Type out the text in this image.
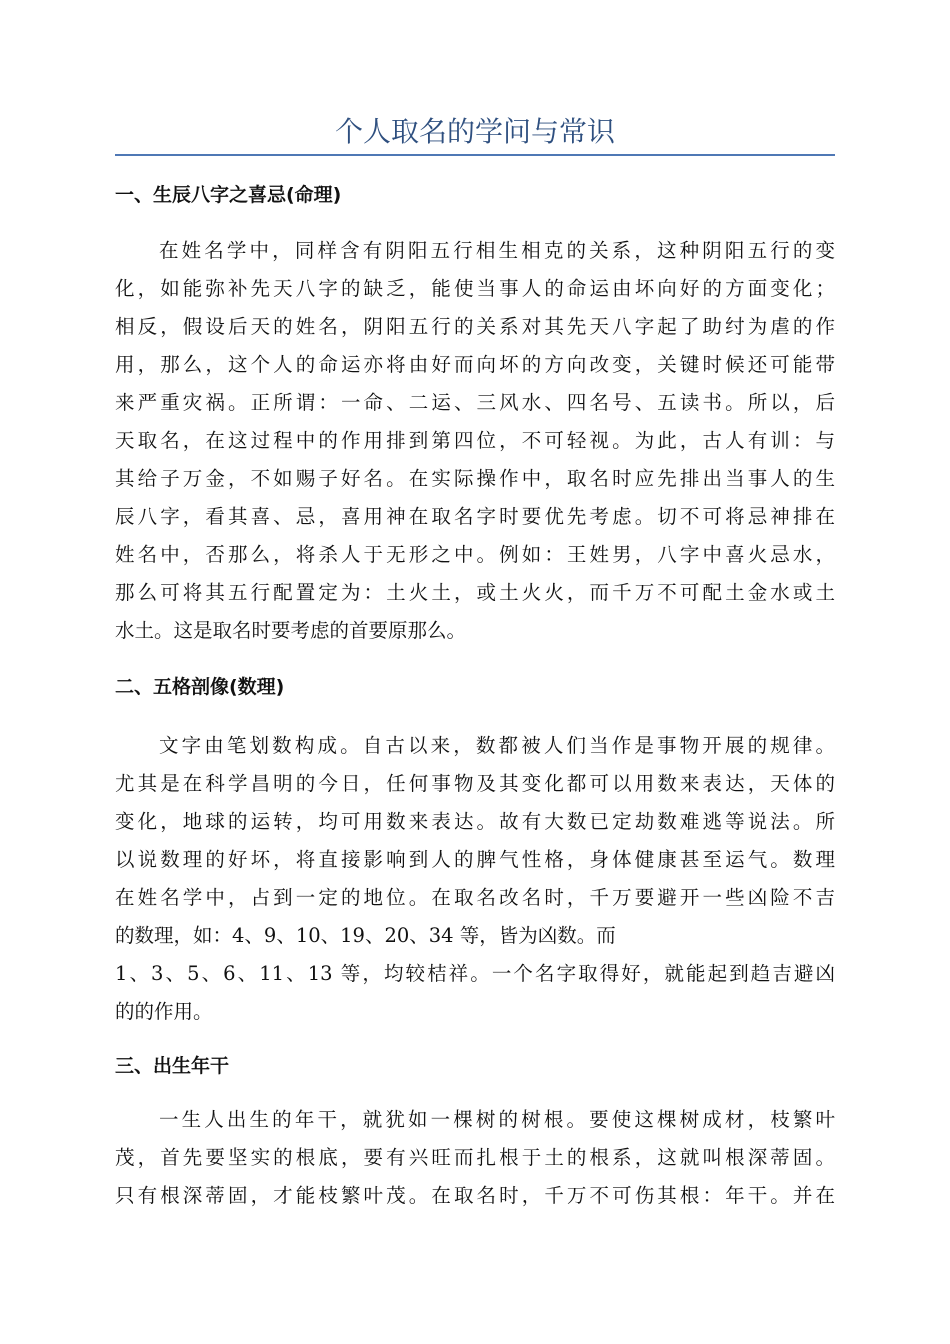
个人取名的学问与常识
一、生辰八字之喜忌(命理)
在姓名学中，同样含有阴阳五行相生相克的关系，这种阴阳五行的变
化，如能弥补先天八字的缺乏，能使当事人的命运由坏向好的方面变化；
相反，假设后天的姓名，阴阳五行的关系对其先天八字起了助纣为虐的作
用，那么，这个人的命运亦将由好而向坏的方向改变，关键时候还可能带
来严重灾祸。正所谓：一命、二运、三风水、四名号、五读书。所以，后
天取名，在这过程中的作用排到第四位，不可轻视。为此，古人有训：与
其给子万金，不如赐子好名。在实际操作中，取名时应先排出当事人的生
辰八字，看其喜、忌，喜用神在取名字时要优先考虑。切不可将忌神排在
姓名中，否那么，将杀人于无形之中。例如：王姓男，八字中喜火忌水，
那么可将其五行配置定为：土火土，或土火火，而千万不可配土金水或土
水土。这是取名时要考虑的首要原那么。
二、五格剖像(数理)
文字由笔划数构成。自古以来，数都被人们当作是事物开展的规律。
尤其是在科学昌明的今日，任何事物及其变化都可以用数来表达，天体的
变化，地球的运转，均可用数来表达。故有大数已定劫数难逃等说法。所
以说数理的好坏，将直接影响到人的脾气性格，身体健康甚至运气。数理
在姓名学中，占到一定的地位。在取名改名时，千万要避开一些凶险不吉
的数理，如：4、9、10、19、20、34 等，皆为凶数。而
1、3、5、6、11、13 等，均较桔祥。一个名字取得好，就能起到趋吉避凶
的的作用。
三、出生年干
一生人出生的年干，就犹如一棵树的树根。要使这棵树成材，枝繁叶
茂，首先要坚实的根底，要有兴旺而扎根于土的根系，这就叫根深蒂固。
只有根深蒂固，才能枝繁叶茂。在取名时，千万不可伤其根：年干。并在
